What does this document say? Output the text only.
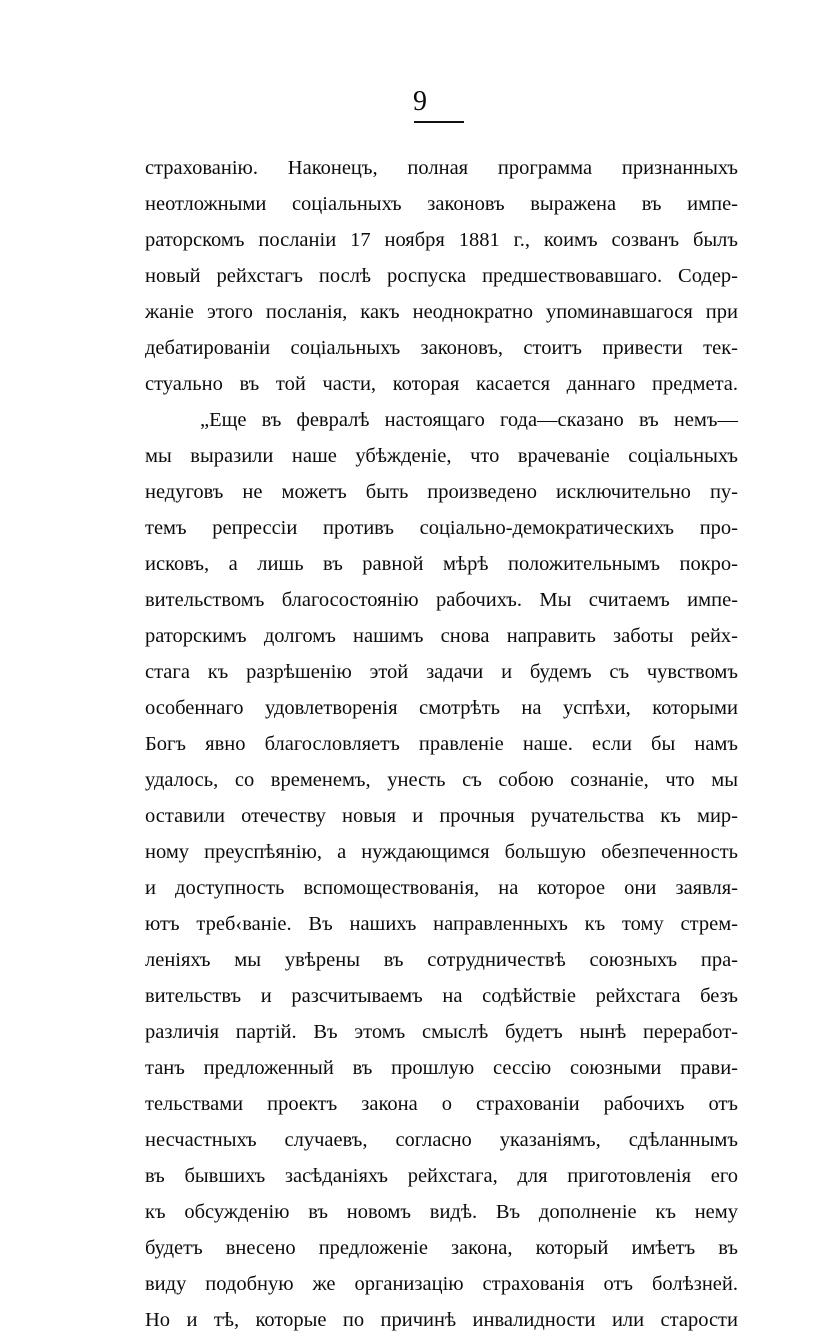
9
страхованію. Наконецъ, полная программа признанныхъ
неотложными соціальныхъ законовъ выражена въ импе-
раторскомъ посланіи 17 ноября 1881 г., коимъ созванъ былъ
новый рейхстагъ послѣ роспуска предшествовавшаго. Содер-
жаніе этого посланія, какъ неоднократно упоминавшагося при
дебатированіи соціальныхъ законовъ, стоитъ привести тек-
стуально въ той части, которая касается даннаго предмета.
„Еще въ февралѣ настоящаго года—сказано въ немъ—
мы выразили наше убѣжденіе, что врачеваніе соціальныхъ
недуговъ не можетъ быть произведено исключительно пу-
темъ репрессіи противъ соціально-демократическихъ про-
исковъ, а лишь въ равной мѣрѣ положительнымъ покро-
вительствомъ благосостоянію рабочихъ. Мы считаемъ импе-
раторскимъ долгомъ нашимъ снова направить заботы рейх-
стага къ разрѣшенію этой задачи и будемъ съ чувствомъ
особеннаго удовлетворенія смотрѣть на успѣхи, которыми
Богъ явно благословляетъ правленіе наше. если бы намъ
удалось, со временемъ, унесть съ собою сознаніе, что мы
оставили отечеству новыя и прочныя ручательства къ мир-
ному преуспѣянію, а нуждающимся большую обезпеченность
и доступность вспомоществованія, на которое они заявля-
ютъ треб‹ваніе. Въ нашихъ направленныхъ къ тому стрем-
леніяхъ мы увѣрены въ сотрудничествѣ союзныхъ пра-
вительствъ и разсчитываемъ на содѣйствіе рейхстага безъ
различія партій. Въ этомъ смыслѣ будетъ нынѣ переработ-
танъ предложенный въ прошлую сессію союзными прави-
тельствами проектъ закона о страхованіи рабочихъ отъ
несчастныхъ случаевъ, согласно указаніямъ, сдѣланнымъ
въ бывшихъ засѣданіяхъ рейхстага, для приготовленія его
къ обсужденію въ новомъ видѣ. Въ дополненіе къ нему
будетъ внесено предложеніе закона, который имѣетъ въ
виду подобную же организацію страхованія отъ болѣзней.
Но и тѣ, которые по причинѣ инвалидности или старости
